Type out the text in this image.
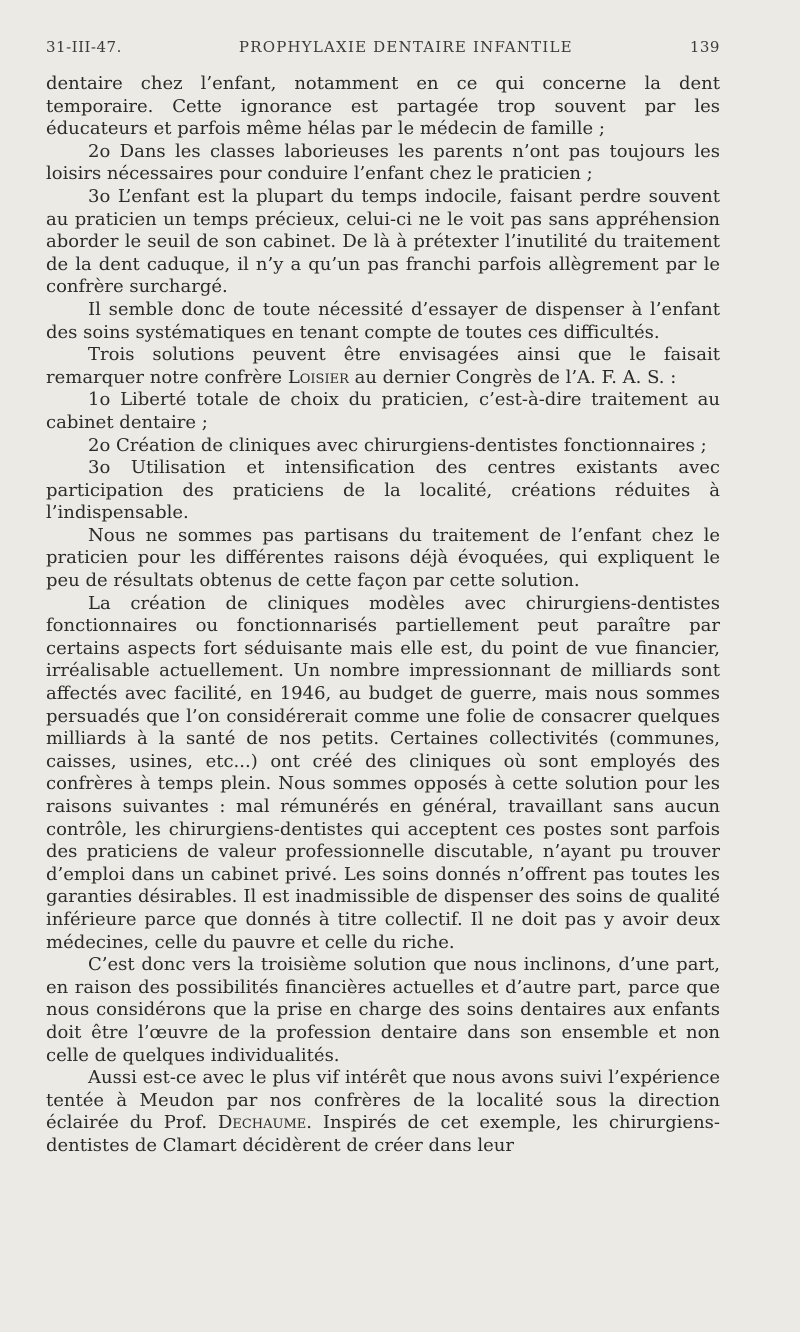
31-III-47.	PROPHYLAXIE DENTAIRE INFANTILE	139

dentaire chez l’enfant, notamment en ce qui concerne la dent temporaire. Cette ignorance est partagée trop souvent par les éducateurs et parfois même hélas par le médecin de famille ;

2o Dans les classes laborieuses les parents n’ont pas toujours les loisirs nécessaires pour conduire l’enfant chez le praticien ;

3o L’enfant est la plupart du temps indocile, faisant perdre souvent au praticien un temps précieux, celui-ci ne le voit pas sans appréhension aborder le seuil de son cabinet. De là à prétexter l’inutilité du traitement de la dent caduque, il n’y a qu’un pas franchi parfois allègrement par le confrère surchargé.

Il semble donc de toute nécessité d’essayer de dispenser à l’enfant des soins systématiques en tenant compte de toutes ces difficultés.

Trois solutions peuvent être envisagées ainsi que le faisait remarquer notre confrère Loisier au dernier Congrès de l’A. F. A. S. :

1o Liberté totale de choix du praticien, c’est-à-dire traitement au cabinet dentaire ;

2o Création de cliniques avec chirurgiens-dentistes fonctionnaires ;

3o Utilisation et intensification des centres existants avec participation des praticiens de la localité, créations réduites à l’indispensable.

Nous ne sommes pas partisans du traitement de l’enfant chez le praticien pour les différentes raisons déjà évoquées, qui expliquent le peu de résultats obtenus de cette façon par cette solution.

La création de cliniques modèles avec chirurgiens-dentistes fonctionnaires ou fonctionnarisés partiellement peut paraître par certains aspects fort séduisante mais elle est, du point de vue financier, irréalisable actuellement. Un nombre impressionnant de milliards sont affectés avec facilité, en 1946, au budget de guerre, mais nous sommes persuadés que l’on considérerait comme une folie de consacrer quelques milliards à la santé de nos petits. Certaines collectivités (communes, caisses, usines, etc...) ont créé des cliniques où sont employés des confrères à temps plein. Nous sommes opposés à cette solution pour les raisons suivantes : mal rémunérés en général, travaillant sans aucun contrôle, les chirurgiens-dentistes qui acceptent ces postes sont parfois des praticiens de valeur professionnelle discutable, n’ayant pu trouver d’emploi dans un cabinet privé. Les soins donnés n’offrent pas toutes les garanties désirables. Il est inadmissible de dispenser des soins de qualité inférieure parce que donnés à titre collectif. Il ne doit pas y avoir deux médecines, celle du pauvre et celle du riche.

C’est donc vers la troisième solution que nous inclinons, d’une part, en raison des possibilités financières actuelles et d’autre part, parce que nous considérons que la prise en charge des soins dentaires aux enfants doit être l’œuvre de la profession dentaire dans son ensemble et non celle de quelques individualités.

Aussi est-ce avec le plus vif intérêt que nous avons suivi l’expérience tentée à Meudon par nos confrères de la localité sous la direction éclairée du Prof. Dechaume. Inspirés de cet exemple, les chirurgiens-dentistes de Clamart décidèrent de créer dans leur
